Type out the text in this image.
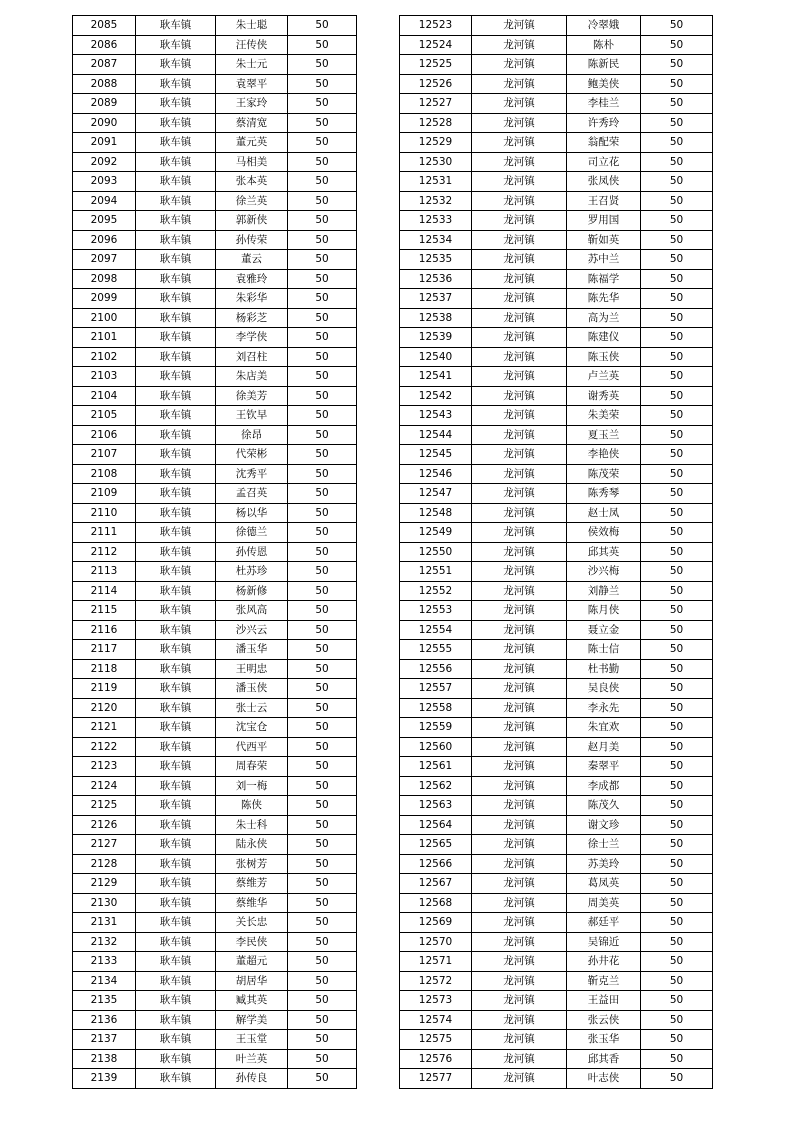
2085	耿车镇	朱士聪	50
2086	耿车镇	汪传侠	50
2087	耿车镇	朱士元	50
2088	耿车镇	袁翠平	50
2089	耿车镇	王家玲	50
2090	耿车镇	蔡清宽	50
2091	耿车镇	董元英	50
2092	耿车镇	马相美	50
2093	耿车镇	张本英	50
2094	耿车镇	徐兰英	50
2095	耿车镇	郭新侠	50
2096	耿车镇	孙传荣	50
2097	耿车镇	董云	50
2098	耿车镇	袁雅玲	50
2099	耿车镇	朱彩华	50
2100	耿车镇	杨彩芝	50
2101	耿车镇	李学侠	50
2102	耿车镇	刘召柱	50
2103	耿车镇	朱店美	50
2104	耿车镇	徐美芳	50
2105	耿车镇	王钦早	50
2106	耿车镇	徐昂	50
2107	耿车镇	代荣彬	50
2108	耿车镇	沈秀平	50
2109	耿车镇	孟召英	50
2110	耿车镇	杨以华	50
2111	耿车镇	徐德兰	50
2112	耿车镇	孙传恩	50
2113	耿车镇	杜苏珍	50
2114	耿车镇	杨新修	50
2115	耿车镇	张风高	50
2116	耿车镇	沙兴云	50
2117	耿车镇	潘玉华	50
2118	耿车镇	王明忠	50
2119	耿车镇	潘玉侠	50
2120	耿车镇	张士云	50
2121	耿车镇	沈宝仓	50
2122	耿车镇	代西平	50
2123	耿车镇	周春荣	50
2124	耿车镇	刘一梅	50
2125	耿车镇	陈侠	50
2126	耿车镇	朱士科	50
2127	耿车镇	陆永侠	50
2128	耿车镇	张树芳	50
2129	耿车镇	蔡维芳	50
2130	耿车镇	蔡维华	50
2131	耿车镇	关长忠	50
2132	耿车镇	李民侠	50
2133	耿车镇	董超元	50
2134	耿车镇	胡居华	50
2135	耿车镇	臧其英	50
2136	耿车镇	解学美	50
2137	耿车镇	王玉堂	50
2138	耿车镇	叶兰英	50
2139	耿车镇	孙传良	50
12523	龙河镇	冷翠娥	50
12524	龙河镇	陈朴	50
12525	龙河镇	陈新民	50
12526	龙河镇	鲍美侠	50
12527	龙河镇	李桂兰	50
12528	龙河镇	许秀玲	50
12529	龙河镇	翁配荣	50
12530	龙河镇	司立花	50
12531	龙河镇	张凤侠	50
12532	龙河镇	王召贤	50
12533	龙河镇	罗用国	50
12534	龙河镇	靳如英	50
12535	龙河镇	苏中兰	50
12536	龙河镇	陈福学	50
12537	龙河镇	陈先华	50
12538	龙河镇	高为兰	50
12539	龙河镇	陈建仪	50
12540	龙河镇	陈玉侠	50
12541	龙河镇	卢兰英	50
12542	龙河镇	谢秀英	50
12543	龙河镇	朱美荣	50
12544	龙河镇	夏玉兰	50
12545	龙河镇	李艳侠	50
12546	龙河镇	陈茂荣	50
12547	龙河镇	陈秀琴	50
12548	龙河镇	赵士凤	50
12549	龙河镇	侯效梅	50
12550	龙河镇	邱其英	50
12551	龙河镇	沙兴梅	50
12552	龙河镇	刘静兰	50
12553	龙河镇	陈月侠	50
12554	龙河镇	聂立金	50
12555	龙河镇	陈士信	50
12556	龙河镇	杜书勤	50
12557	龙河镇	吴良侠	50
12558	龙河镇	李永先	50
12559	龙河镇	朱宜欢	50
12560	龙河镇	赵月美	50
12561	龙河镇	秦翠平	50
12562	龙河镇	李成都	50
12563	龙河镇	陈茂久	50
12564	龙河镇	谢文珍	50
12565	龙河镇	徐士兰	50
12566	龙河镇	苏美玲	50
12567	龙河镇	葛凤英	50
12568	龙河镇	周美英	50
12569	龙河镇	郝廷平	50
12570	龙河镇	吴锦近	50
12571	龙河镇	孙井花	50
12572	龙河镇	靳克兰	50
12573	龙河镇	王益田	50
12574	龙河镇	张云侠	50
12575	龙河镇	张玉华	50
12576	龙河镇	邱其香	50
12577	龙河镇	叶志侠	50
